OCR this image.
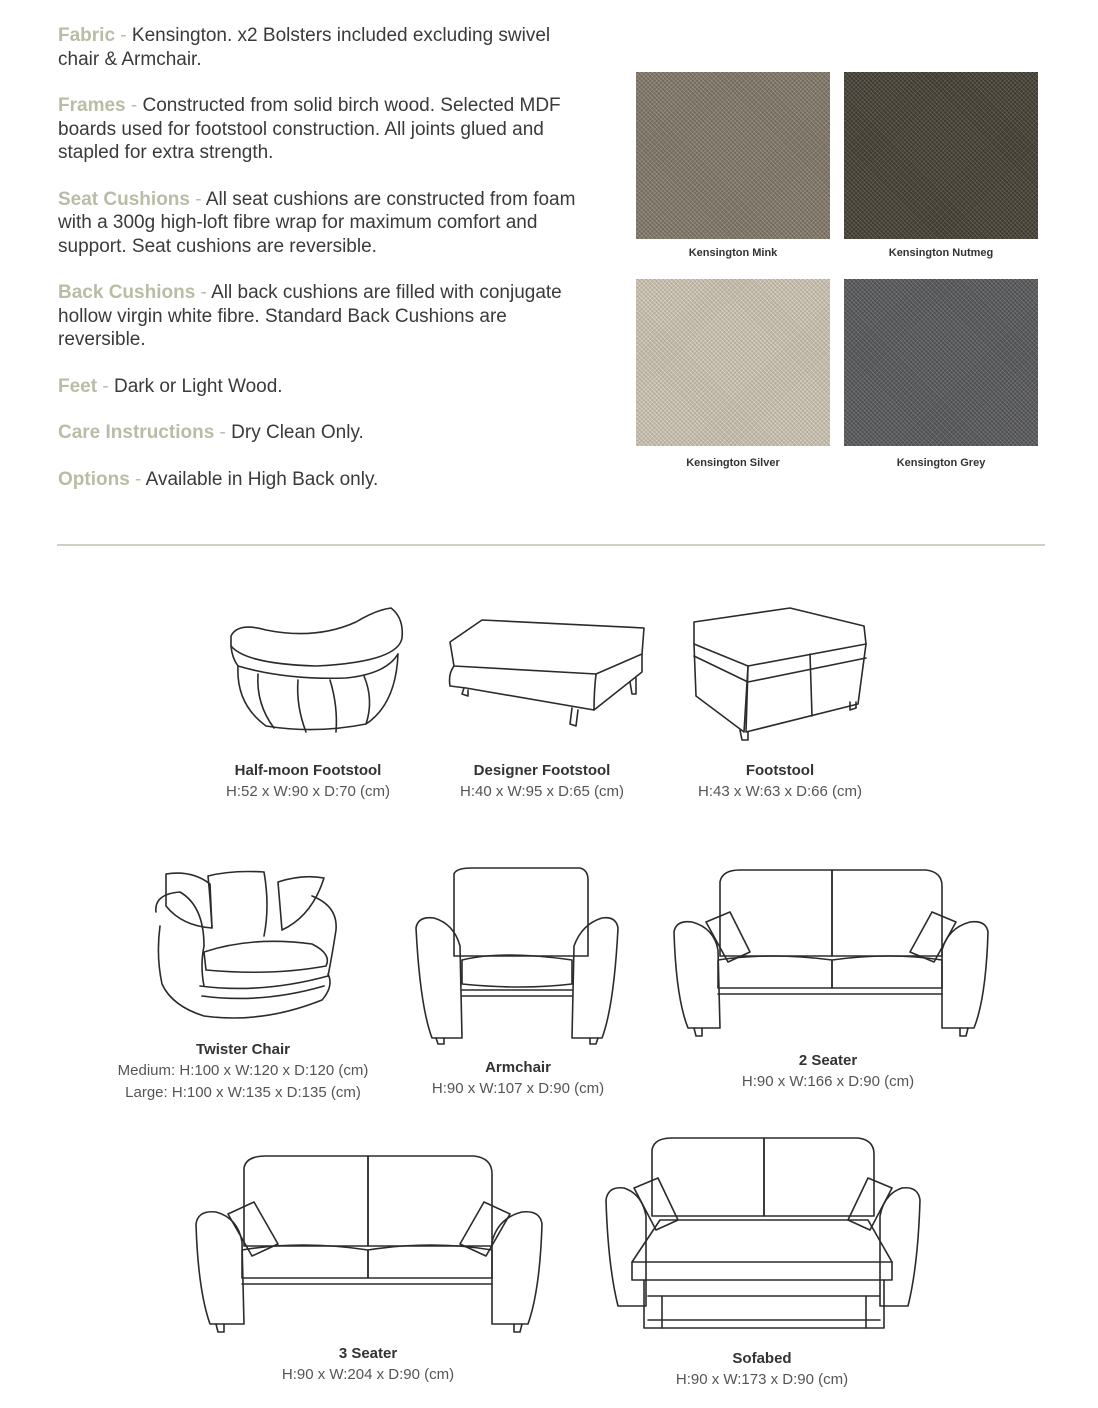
Fabric - Kensington. x2 Bolsters included excluding swivel chair & Armchair.

Frames - Constructed from solid birch wood. Selected MDF boards used for footstool construction. All joints glued and stapled for extra strength.

Seat Cushions - All seat cushions are constructed from foam with a 300g high-loft fibre wrap for maximum comfort and support. Seat cushions are reversible.

Back Cushions - All back cushions are filled with conjugate hollow virgin white fibre. Standard Back Cushions are reversible.

Feet - Dark or Light Wood.

Care Instructions - Dry Clean Only.

Options - Available in High Back only.

Kensington Mink	Kensington Nutmeg
Kensington Silver	Kensington Grey
Half-moon Footstool
H:52 x W:90 x D:70 (cm)
Designer Footstool
H:40 x W:95 x D:65 (cm)
Footstool
H:43 x W:63 x D:66 (cm)
Twister Chair
Medium: H:100 x W:120 x D:120 (cm)
Large: H:100 x W:135 x D:135 (cm)
Armchair
H:90 x W:107 x D:90 (cm)
2 Seater
H:90 x W:166 x D:90 (cm)
3 Seater
H:90 x W:204 x D:90 (cm)
Sofabed
H:90 x W:173 x D:90 (cm)
